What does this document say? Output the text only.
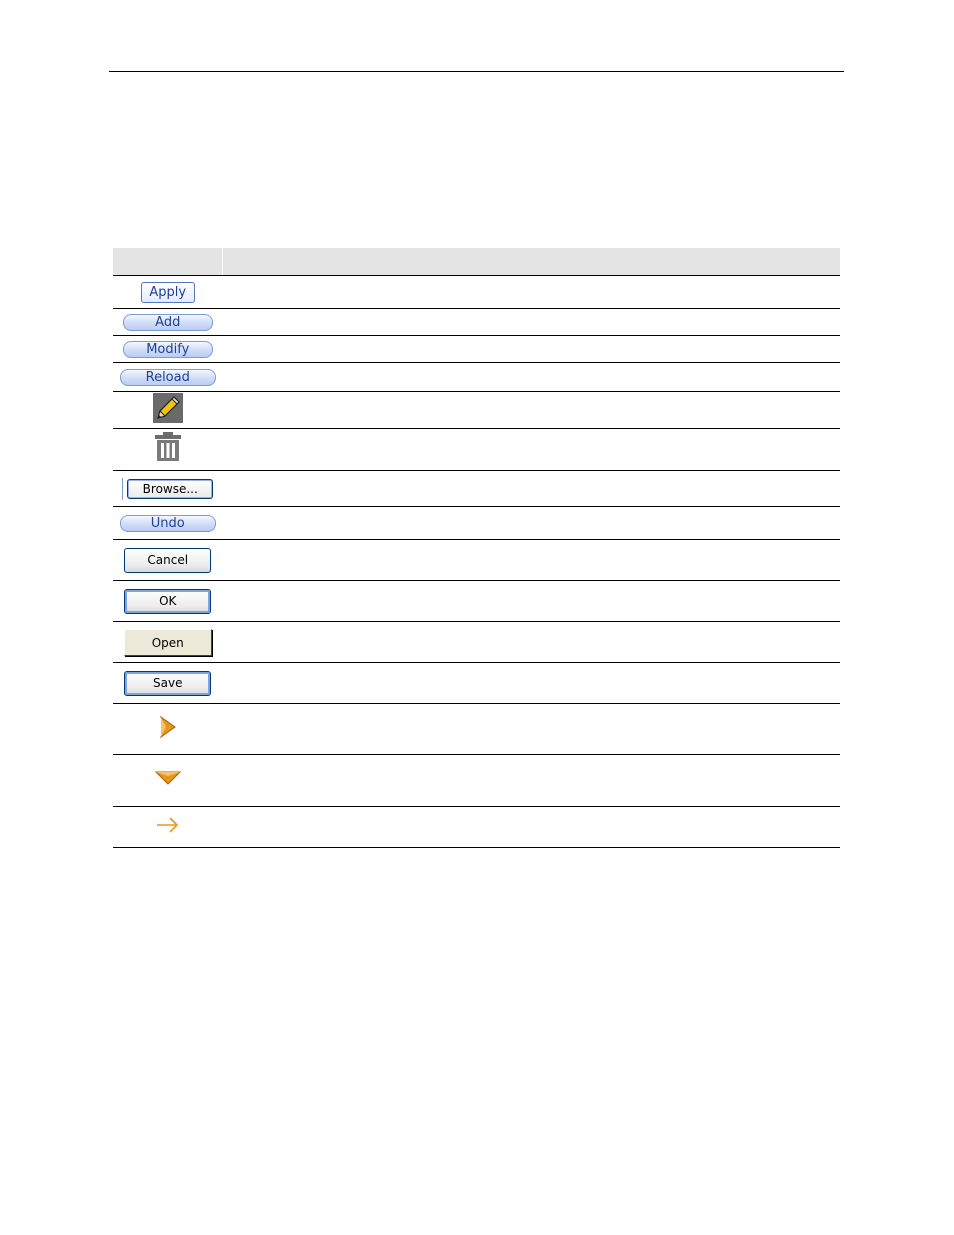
Apply	

Add	

Modify	

Reload	

Browse...	

Undo	

Cancel	

OK	

Open	

Save	
